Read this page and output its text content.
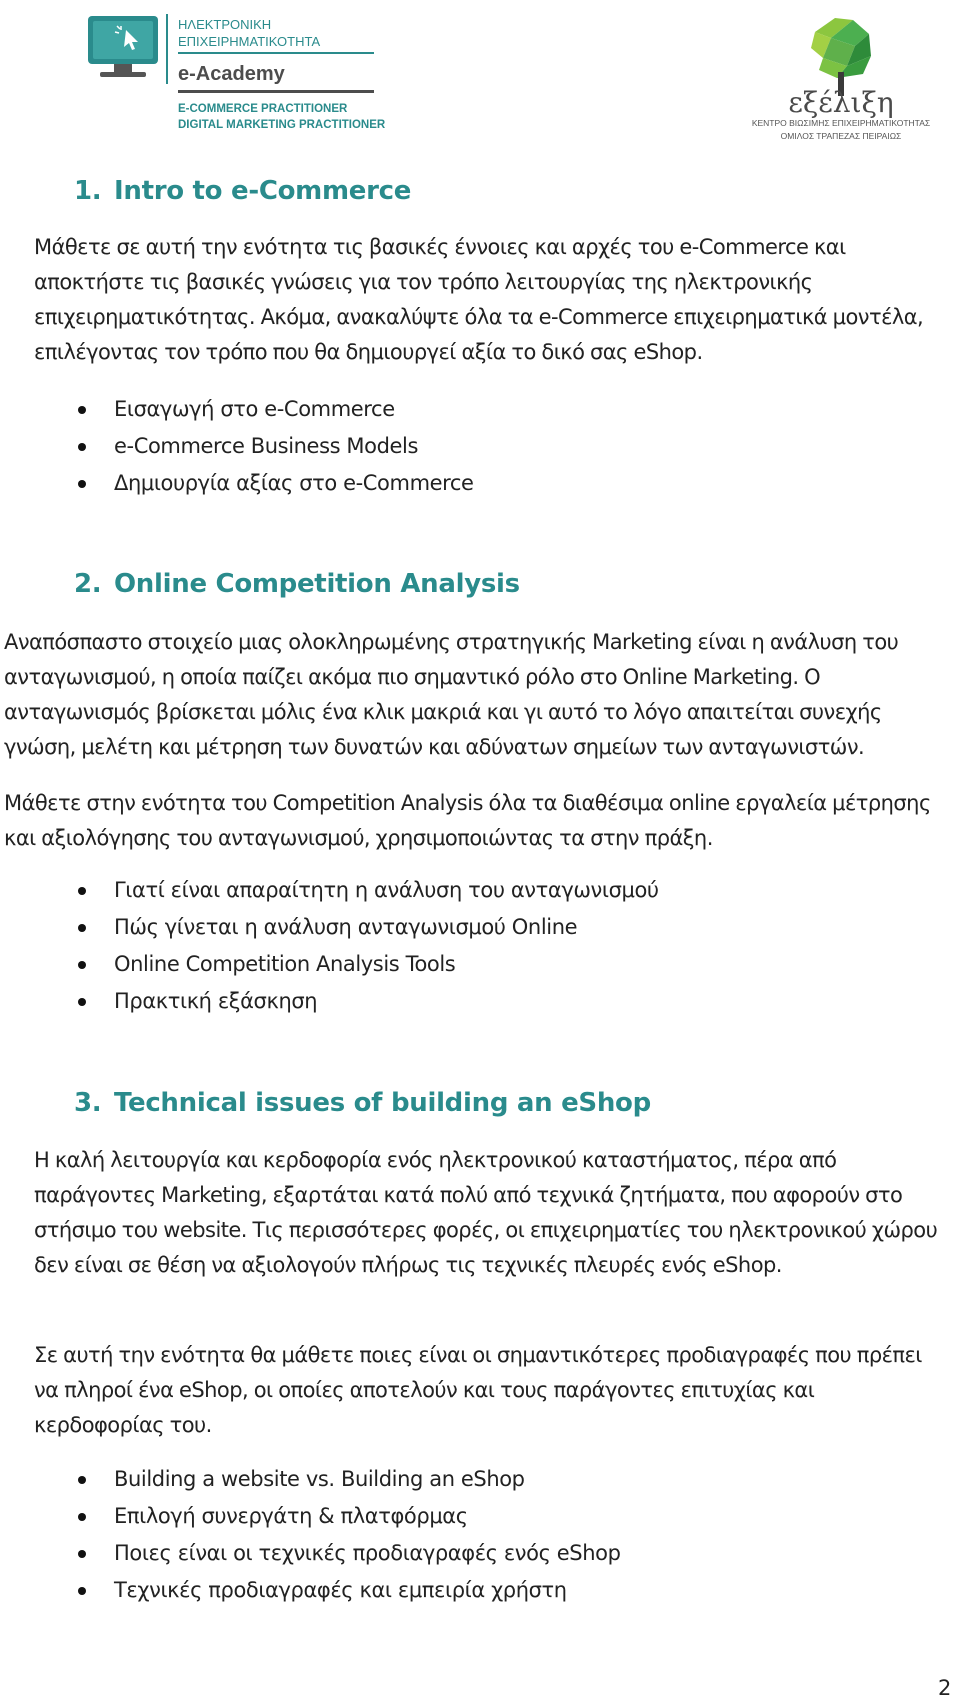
ΗΛΕΚΤΡΟΝΙΚΗ
ΕΠΙΧΕΙΡΗΜΑΤΙΚΟΤΗΤΑ
e-Academy
E-COMMERCE PRACTITIONER
DIGITAL MARKETING PRACTITIONER
εξέλιξη
ΚΕΝΤΡΟ ΒΙΩΣΙΜΗΣ ΕΠΙΧΕΙΡΗΜΑΤΙΚΟΤΗΤΑΣ
ΟΜΙΛΟΣ ΤΡΑΠΕΖΑΣ ΠΕΙΡΑΙΩΣ
1. Intro to e-Commerce

Μάθετε σε αυτή την ενότητα τις βασικές έννοιες και αρχές του e-Commerce και αποκτήστε τις βασικές γνώσεις για τον τρόπο λειτουργίας της ηλεκτρονικής επιχειρηματικότητας. Ακόμα, ανακαλύψτε όλα τα e-Commerce επιχειρηματικά μοντέλα, επιλέγοντας τον τρόπο που θα δημιουργεί αξία το δικό σας eShop.

Εισαγωγή στο e-Commerce
e-Commerce Business Models
Δημιουργία αξίας στο e-Commerce
2. Online Competition Analysis

Αναπόσπαστο στοιχείο μιας ολοκληρωμένης στρατηγικής Marketing είναι η ανάλυση του ανταγωνισμού, η οποία παίζει ακόμα πιο σημαντικό ρόλο στο Online Marketing. Ο ανταγωνισμός βρίσκεται μόλις ένα κλικ μακριά και γι αυτό το λόγο απαιτείται συνεχής γνώση, μελέτη και μέτρηση των δυνατών και αδύνατων σημείων των ανταγωνιστών.

Μάθετε στην ενότητα του Competition Analysis όλα τα διαθέσιμα online εργαλεία μέτρησης και αξιολόγησης του ανταγωνισμού, χρησιμοποιώντας τα στην πράξη.

Γιατί είναι απαραίτητη η ανάλυση του ανταγωνισμού
Πώς γίνεται η ανάλυση ανταγωνισμού Online
Online Competition Analysis Tools
Πρακτική εξάσκηση
3. Technical issues of building an eShop

Η καλή λειτουργία και κερδοφορία ενός ηλεκτρονικού καταστήματος, πέρα από παράγοντες Marketing, εξαρτάται κατά πολύ από τεχνικά ζητήματα, που αφορούν στο στήσιμο του website. Τις περισσότερες φορές, οι επιχειρηματίες του ηλεκτρονικού χώρου δεν είναι σε θέση να αξιολογούν πλήρως τις τεχνικές πλευρές ενός eShop.

Σε αυτή την ενότητα θα μάθετε ποιες είναι οι σημαντικότερες προδιαγραφές που πρέπει να πληροί ένα eShop, οι οποίες αποτελούν και τους παράγοντες επιτυχίας και κερδοφορίας του.

Building a website vs. Building an eShop
Επιλογή συνεργάτη & πλατφόρμας
Ποιες είναι οι τεχνικές προδιαγραφές ενός eShop
Τεχνικές προδιαγραφές και εμπειρία χρήστη
2
